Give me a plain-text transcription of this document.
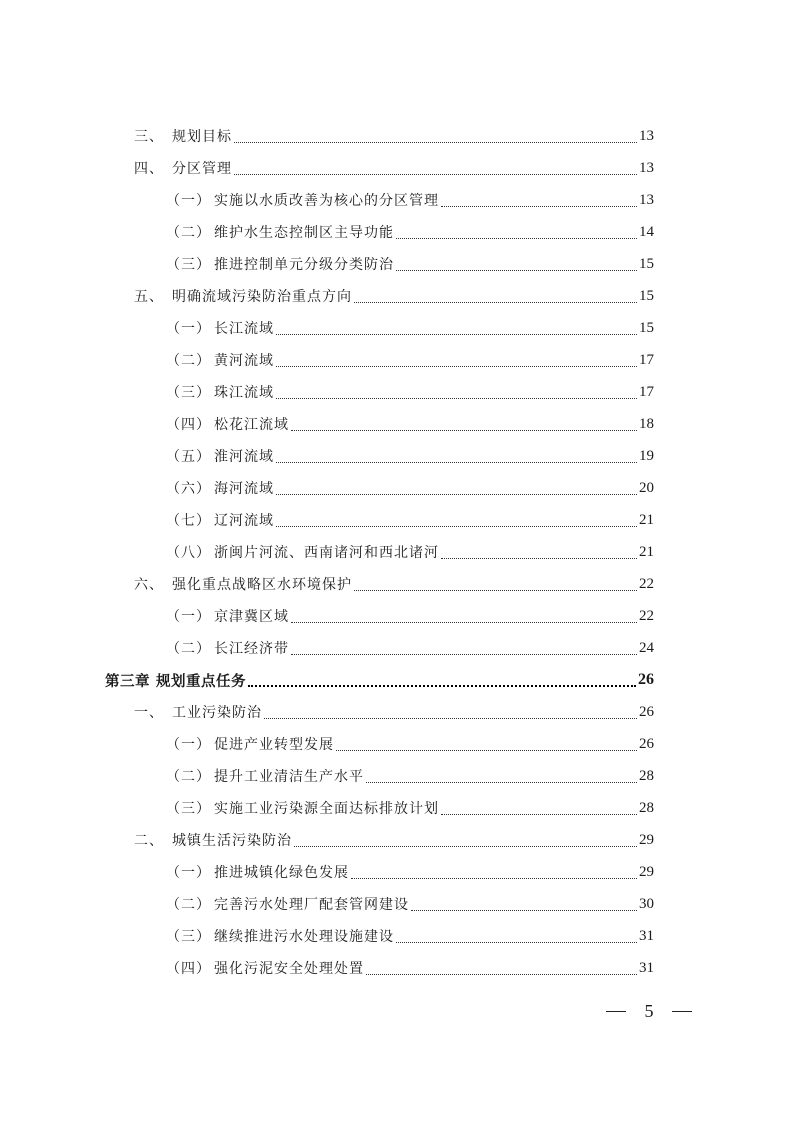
三、 规划目标	13
四、 分区管理	13
（一） 实施以水质改善为核心的分区管理	13
（二） 维护水生态控制区主导功能	14
（三） 推进控制单元分级分类防治	15
五、 明确流域污染防治重点方向	15
（一） 长江流域	15
（二） 黄河流域	17
（三） 珠江流域	17
（四） 松花江流域	18
（五） 淮河流域	19
（六） 海河流域	20
（七） 辽河流域	21
（八） 浙闽片河流、西南诸河和西北诸河	21
六、 强化重点战略区水环境保护	22
（一） 京津冀区域	22
（二） 长江经济带	24
第三章 规划重点任务	26
一、 工业污染防治	26
（一） 促进产业转型发展	26
（二） 提升工业清洁生产水平	28
（三） 实施工业污染源全面达标排放计划	28
二、 城镇生活污染防治	29
（一） 推进城镇化绿色发展	29
（二） 完善污水处理厂配套管网建设	30
（三） 继续推进污水处理设施建设	31
（四） 强化污泥安全处理处置	31
5
